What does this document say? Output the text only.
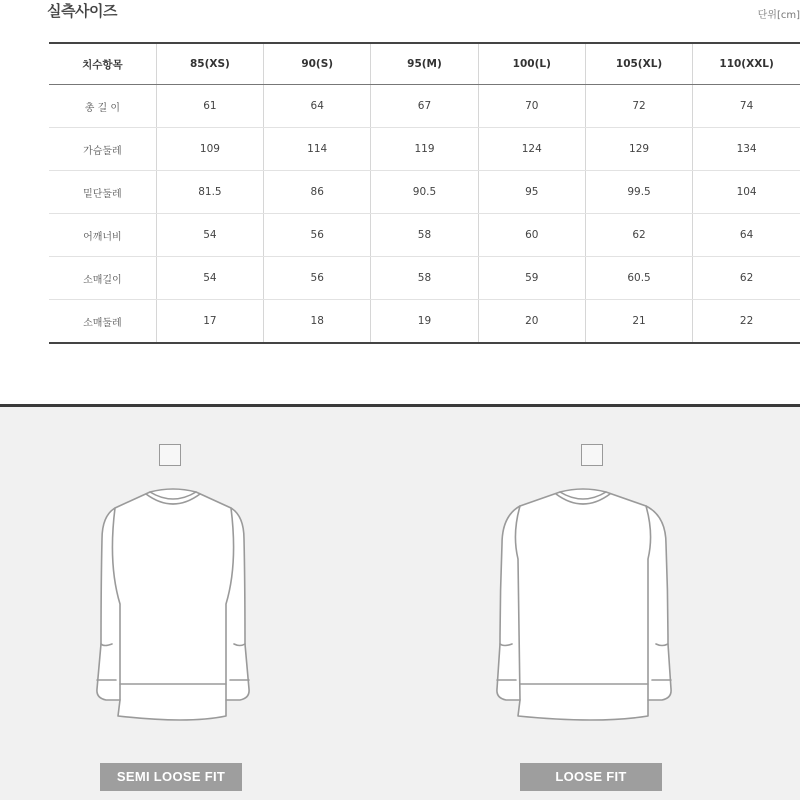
실측사이즈	단위[cm]
치수항목	85(XS)	90(S)	95(M)	100(L)	105(XL)	110(XXL)
총 길 이	61	64	67	70	72	74
가슴둘레	109	114	119	124	129	134
밑단둘레	81.5	86	90.5	95	99.5	104
어깨너비	54	56	58	60	62	64
소매길이	54	56	58	59	60.5	62
소매둘레	17	18	19	20	21	22
SEMI LOOSE FIT	LOOSE FIT
